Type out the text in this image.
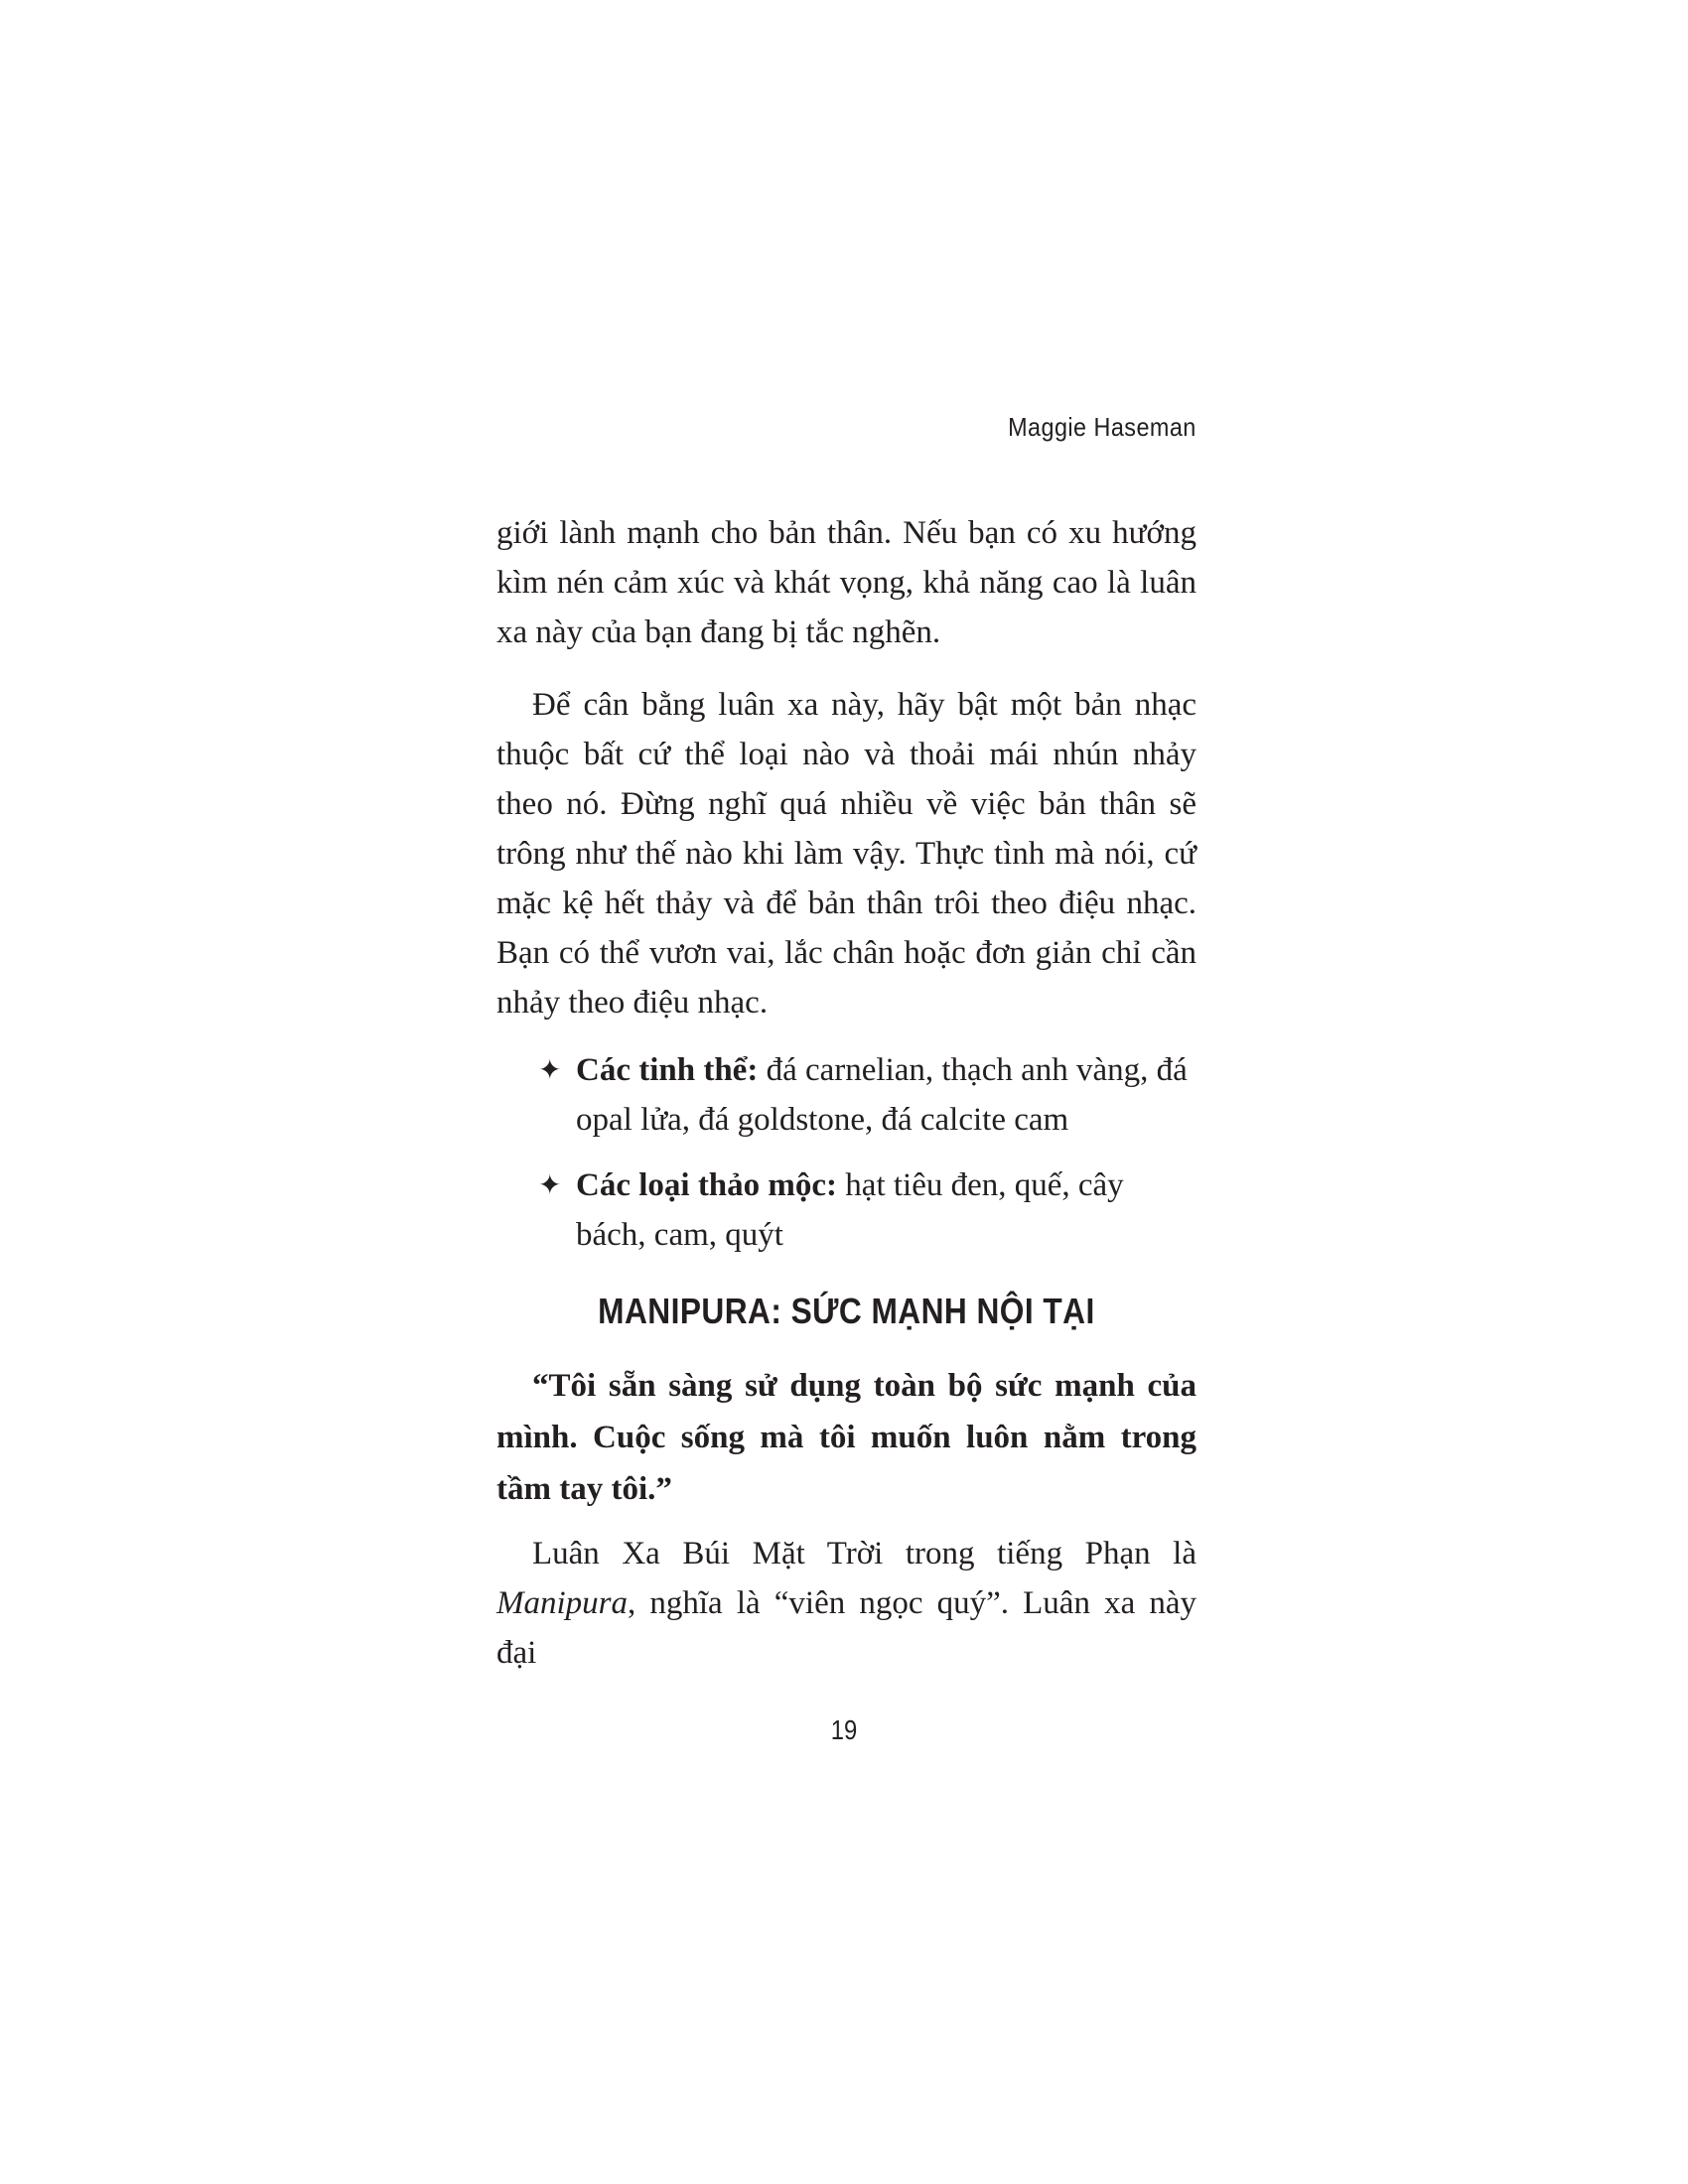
Maggie Haseman

giới lành mạnh cho bản thân. Nếu bạn có xu hướng kìm nén cảm xúc và khát vọng, khả năng cao là luân xa này của bạn đang bị tắc nghẽn.

Để cân bằng luân xa này, hãy bật một bản nhạc thuộc bất cứ thể loại nào và thoải mái nhún nhảy theo nó. Đừng nghĩ quá nhiều về việc bản thân sẽ trông như thế nào khi làm vậy. Thực tình mà nói, cứ mặc kệ hết thảy và để bản thân trôi theo điệu nhạc. Bạn có thể vươn vai, lắc chân hoặc đơn giản chỉ cần nhảy theo điệu nhạc.

✦ Các tinh thể: đá carnelian, thạch anh vàng, đá opal lửa, đá goldstone, đá calcite cam
✦ Các loại thảo mộc: hạt tiêu đen, quế, cây bách, cam, quýt
MANIPURA: SỨC MẠNH NỘI TẠI
“Tôi sẵn sàng sử dụng toàn bộ sức mạnh của mình. Cuộc sống mà tôi muốn luôn nằm trong tầm tay tôi.”

Luân Xa Búi Mặt Trời trong tiếng Phạn là Manipura, nghĩa là “viên ngọc quý”. Luân xa này đại

19
